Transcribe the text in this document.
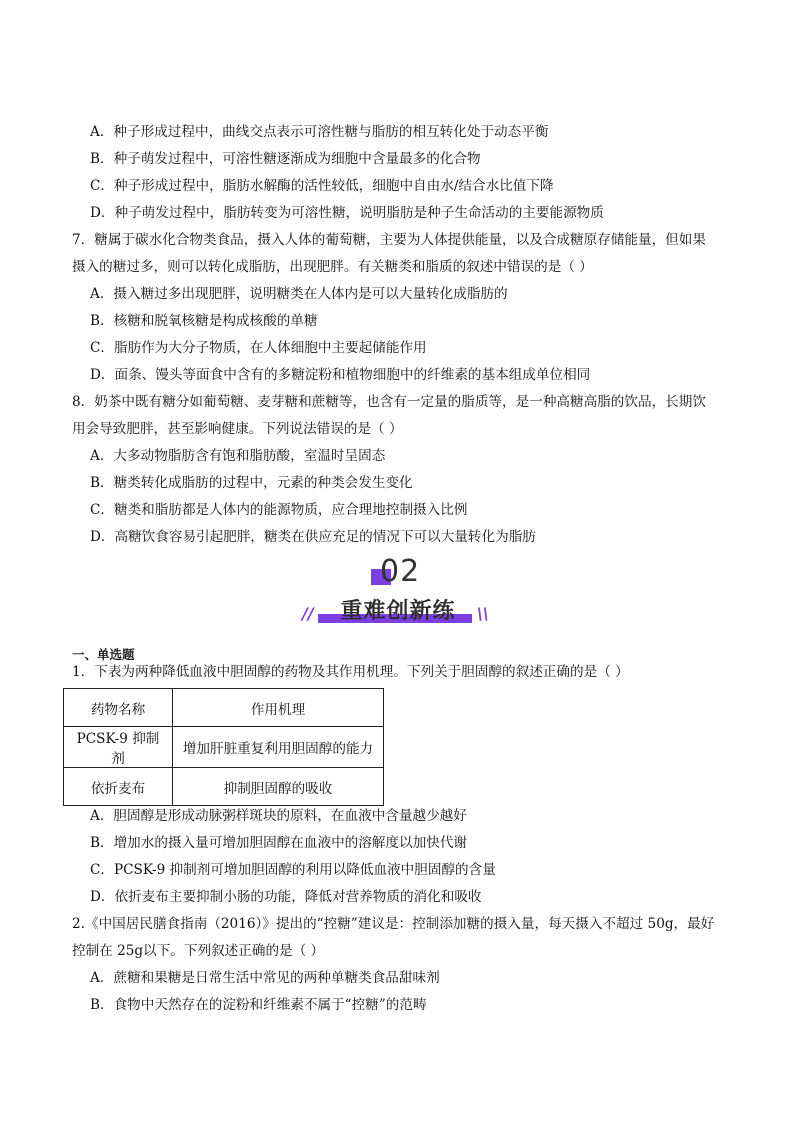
A．种子形成过程中，曲线交点表示可溶性糖与脂肪的相互转化处于动态平衡
B．种子萌发过程中，可溶性糖逐渐成为细胞中含量最多的化合物
C．种子形成过程中，脂肪水解酶的活性较低，细胞中自由水/结合水比值下降
D．种子萌发过程中，脂肪转变为可溶性糖，说明脂肪是种子生命活动的主要能源物质
7．糖属于碳水化合物类食品，摄入人体的葡萄糖，主要为人体提供能量，以及合成糖原存储能量，但如果
摄入的糖过多，则可以转化成脂肪，出现肥胖。有关糖类和脂质的叙述中错误的是（ ）
A．摄入糖过多出现肥胖，说明糖类在人体内是可以大量转化成脂肪的
B．核糖和脱氧核糖是构成核酸的单糖
C．脂肪作为大分子物质，在人体细胞中主要起储能作用
D．面条、馒头等面食中含有的多糖淀粉和植物细胞中的纤维素的基本组成单位相同
8．奶茶中既有糖分如葡萄糖、麦芽糖和蔗糖等，也含有一定量的脂质等，是一种高糖高脂的饮品，长期饮
用会导致肥胖，甚至影响健康。下列说法错误的是（ ）
A．大多动物脂肪含有饱和脂肪酸，室温时呈固态
B．糖类转化成脂肪的过程中，元素的种类会发生变化
C．糖类和脂肪都是人体内的能源物质，应合理地控制摄入比例
D．高糖饮食容易引起肥胖，糖类在供应充足的情况下可以大量转化为脂肪
02
重难创新练
//	\\
一、单选题
1．下表为两种降低血液中胆固醇的药物及其作用机理。下列关于胆固醇的叙述正确的是（ ）
药物名称	作用机理
PCSK-9 抑制剂	增加肝脏重复利用胆固醇的能力
依折麦布	抑制胆固醇的吸收
A．胆固醇是形成动脉粥样斑块的原料，在血液中含量越少越好
B．增加水的摄入量可增加胆固醇在血液中的溶解度以加快代谢
C．PCSK-9 抑制剂可增加胆固醇的利用以降低血液中胆固醇的含量
D．依折麦布主要抑制小肠的功能，降低对营养物质的消化和吸收
2.《中国居民膳食指南（2016）》提出的“控糖”建议是：控制添加糖的摄入量，每天摄入不超过 50g，最好
控制在 25g以下。下列叙述正确的是（ ）
A．蔗糖和果糖是日常生活中常见的两种单糖类食品甜味剂
B．食物中天然存在的淀粉和纤维素不属于“控糖”的范畴
